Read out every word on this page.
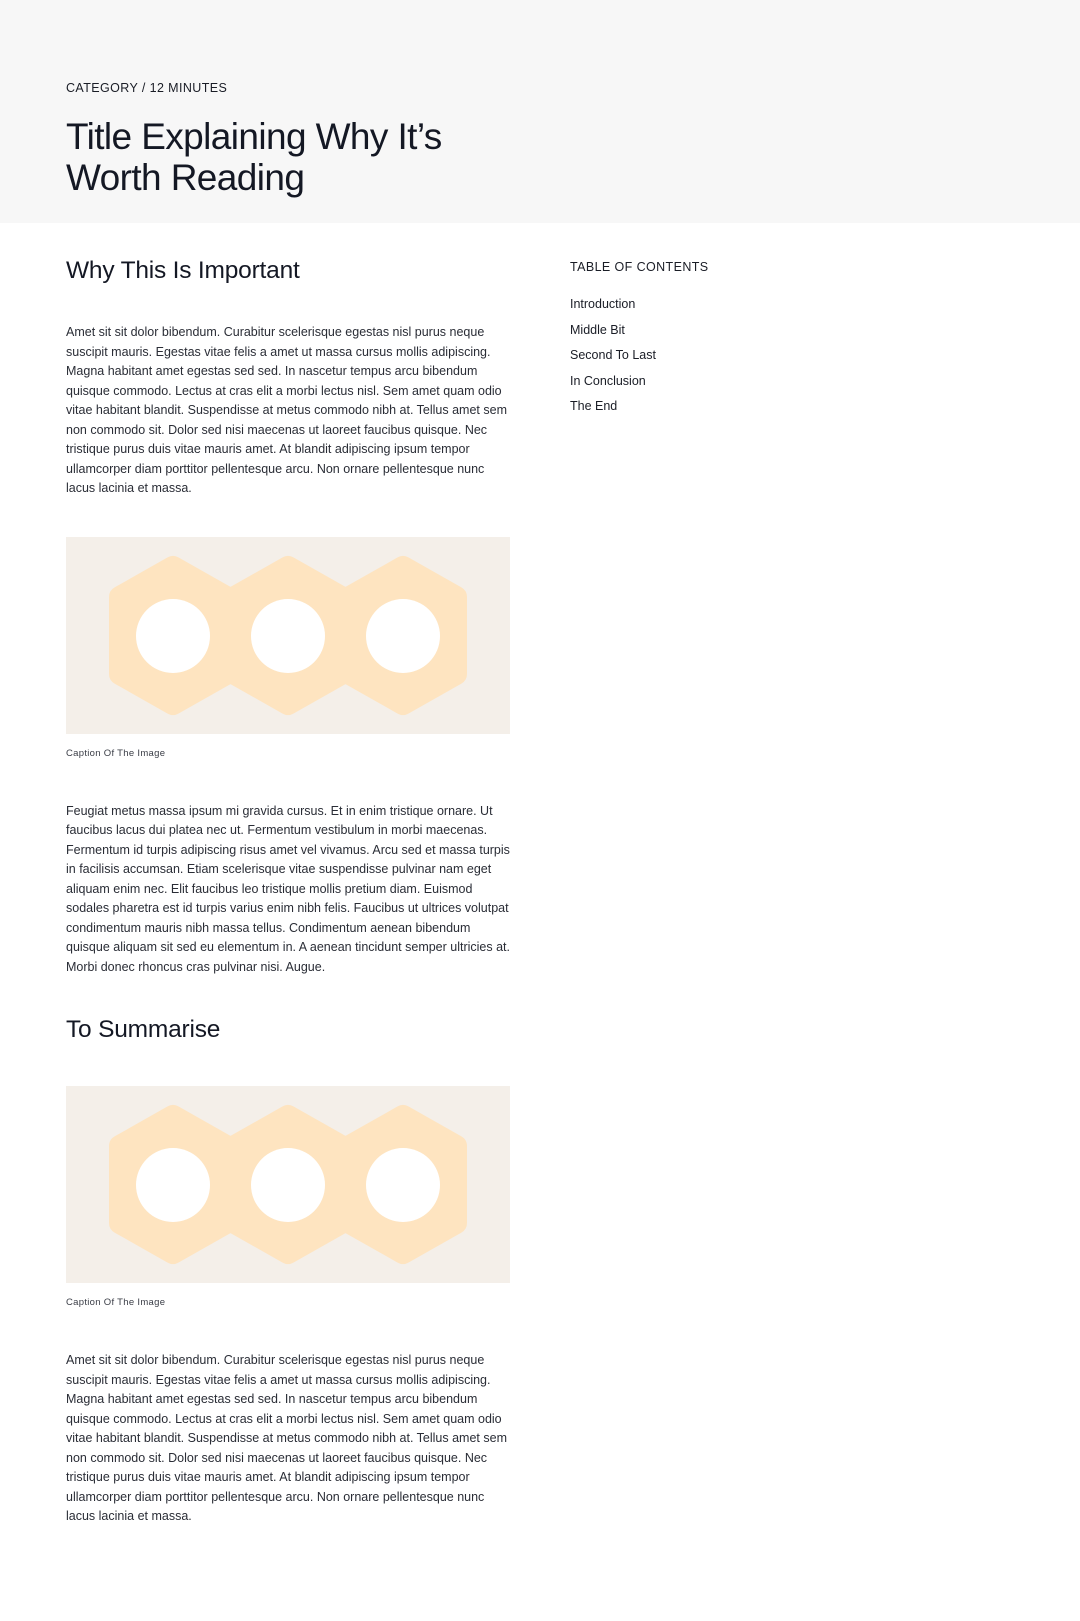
CATEGORY / 12 MINUTES
Title Explaining Why It’s Worth Reading
Why This Is Important

Amet sit sit dolor bibendum. Curabitur scelerisque egestas nisl purus neque suscipit mauris. Egestas vitae felis a amet ut massa cursus mollis adipiscing. Magna habitant amet egestas sed sed. In nascetur tempus arcu bibendum quisque commodo. Lectus at cras elit a morbi lectus nisl. Sem amet quam odio vitae habitant blandit. Suspendisse at metus commodo nibh at. Tellus amet sem non commodo sit. Dolor sed nisi maecenas ut laoreet faucibus quisque. Nec tristique purus duis vitae mauris amet. At blandit adipiscing ipsum tempor ullamcorper diam porttitor pellentesque arcu. Non ornare pellentesque nunc lacus lacinia et massa.

Caption Of The Image

Feugiat metus massa ipsum mi gravida cursus. Et in enim tristique ornare. Ut faucibus lacus dui platea nec ut. Fermentum vestibulum in morbi maecenas. Fermentum id turpis adipiscing risus amet vel vivamus. Arcu sed et massa turpis in facilisis accumsan. Etiam scelerisque vitae suspendisse pulvinar nam eget aliquam enim nec. Elit faucibus leo tristique mollis pretium diam. Euismod sodales pharetra est id turpis varius enim nibh felis. Faucibus ut ultrices volutpat condimentum mauris nibh massa tellus. Condimentum aenean bibendum quisque aliquam sit sed eu elementum in. A aenean tincidunt semper ultricies at. Morbi donec rhoncus cras pulvinar nisi. Augue.

To Summarise
Caption Of The Image

Amet sit sit dolor bibendum. Curabitur scelerisque egestas nisl purus neque suscipit mauris. Egestas vitae felis a amet ut massa cursus mollis adipiscing. Magna habitant amet egestas sed sed. In nascetur tempus arcu bibendum quisque commodo. Lectus at cras elit a morbi lectus nisl. Sem amet quam odio vitae habitant blandit. Suspendisse at metus commodo nibh at. Tellus amet sem non commodo sit. Dolor sed nisi maecenas ut laoreet faucibus quisque. Nec tristique purus duis vitae mauris amet. At blandit adipiscing ipsum tempor ullamcorper diam porttitor pellentesque arcu. Non ornare pellentesque nunc lacus lacinia et massa.

TABLE OF CONTENTS
Introduction
Middle Bit
Second To Last
In Conclusion
The End
